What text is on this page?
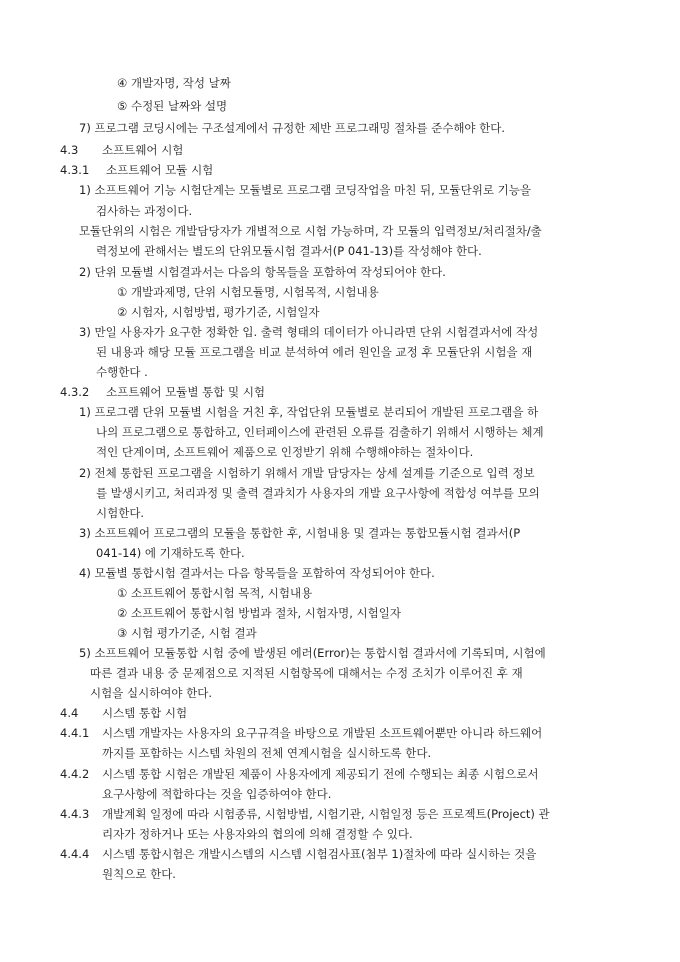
④ 개발자명, 작성 날짜
⑤ 수정된 날짜와 설명
7) 프로그램 코딩시에는 구조설계에서 규정한 제반 프로그래밍 절차를 준수해야 한다.
4.3 소프트웨어 시험
4.3.1 소프트웨어 모듈 시험
1) 소프트웨어 기능 시험단계는 모듈별로 프로그램 코딩작업을 마친 뒤, 모듈단위로 기능을
검사하는 과정이다.
모듈단위의 시험은 개발담당자가 개별적으로 시험 가능하며, 각 모듈의 입력정보/처리절차/출
력정보에 관해서는 별도의 단위모듈시험 결과서(P 041-13)를 작성해야 한다.
2) 단위 모듈별 시험결과서는 다음의 항목들을 포함하여 작성되어야 한다.
① 개발과제명, 단위 시험모듈명, 시험목적, 시험내용
② 시험자, 시험방법, 평가기준, 시험일자
3) 만일 사용자가 요구한 정확한 입. 출력 형태의 데이터가 아니라면 단위 시험결과서에 작성
된 내용과 해당 모듈 프로그램을 비교 분석하여 에러 원인을 교정 후 모듈단위 시험을 재
수행한다 .
4.3.2 소프트웨어 모듈별 통합 및 시험
1) 프로그램 단위 모듈별 시험을 거친 후, 작업단위 모듈별로 분리되어 개발된 프로그램을 하
나의 프로그램으로 통합하고, 인터페이스에 관련된 오류를 검출하기 위해서 시행하는 체계
적인 단계이며, 소프트웨어 제품으로 인정받기 위해 수행해야하는 절차이다.
2) 전체 통합된 프로그램을 시험하기 위해서 개발 담당자는 상세 설계를 기준으로 입력 정보
를 발생시키고, 처리과정 및 출력 결과치가 사용자의 개발 요구사항에 적합성 여부를 모의
시험한다.
3) 소프트웨어 프로그램의 모듈을 통합한 후, 시험내용 및 결과는 통합모듈시험 결과서(P
041-14) 에 기재하도록 한다.
4) 모듈별 통합시험 결과서는 다음 항목들을 포함하여 작성되어야 한다.
① 소프트웨어 통합시험 목적, 시험내용
② 소프트웨어 통합시험 방법과 절차, 시험자명, 시험일자
③ 시험 평가기준, 시험 결과
5) 소프트웨어 모듈통합 시험 중에 발생된 에러(Error)는 통합시험 결과서에 기록되며, 시험에
따른 결과 내용 중 문제점으로 지적된 시험항목에 대해서는 수정 조치가 이루어진 후 재
시험을 실시하여야 한다.
4.4 시스템 통합 시험
4.4.1 시스템 개발자는 사용자의 요구규격을 바탕으로 개발된 소프트웨어뿐만 아니라 하드웨어
까지를 포함하는 시스템 차원의 전체 연계시험을 실시하도록 한다.
4.4.2 시스템 통합 시험은 개발된 제품이 사용자에게 제공되기 전에 수행되는 최종 시험으로서
요구사항에 적합하다는 것을 입증하여야 한다.
4.4.3 개발계획 일정에 따라 시험종류, 시험방법, 시험기관, 시험일정 등은 프로젝트(Project) 관
리자가 정하거나 또는 사용자와의 협의에 의해 결정할 수 있다.
4.4.4 시스템 통합시험은 개발시스템의 시스템 시험검사표(첨부 1)절차에 따라 실시하는 것을
원칙으로 한다.
